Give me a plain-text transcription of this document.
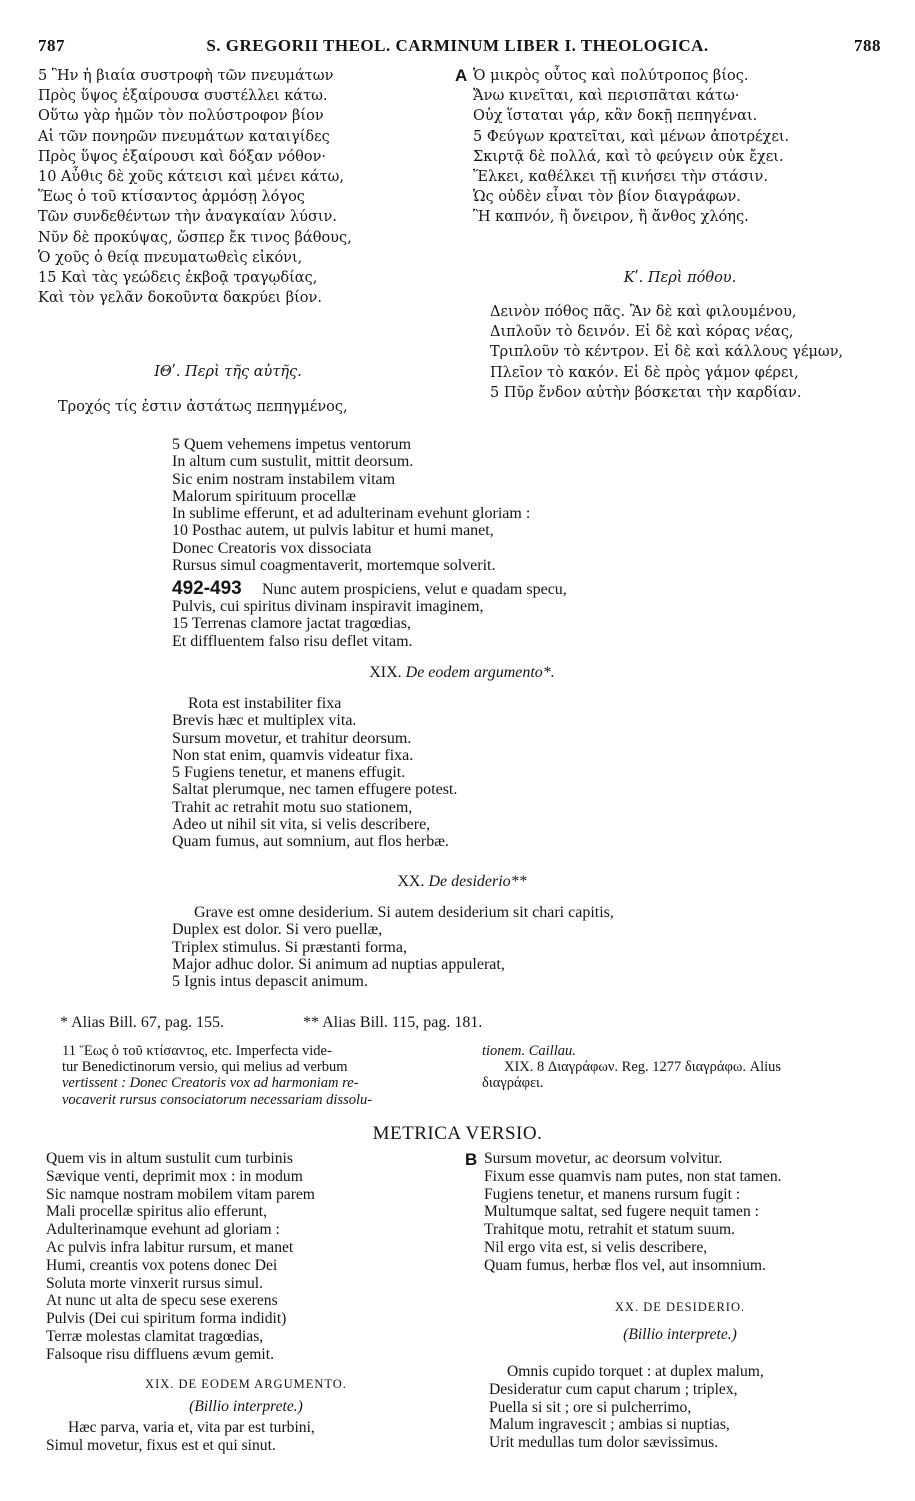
787	S. GREGORII THEOL. CARMINUM LIBER I. THEOLOGICA.	788
5 Ἣν ἡ βιαία συστροφὴ τῶν πνευμάτων
Πρὸς ὕψος ἐξαίρουσα συστέλλει κάτω.
Οὕτω γὰρ ἡμῶν τὸν πολύστροφον βίον
Αἱ τῶν πονηρῶν πνευμάτων καταιγίδες
Πρὸς ὕψος ἐξαίρουσι καὶ δόξαν νόθον·
10 Αὖθις δὲ χοῦς κάτεισι καὶ μένει κάτω,
Ἕως ὁ τοῦ κτίσαντος ἁρμόσῃ λόγος
Τῶν συνδεθέντων τὴν ἀναγκαίαν λύσιν.
Νῦν δὲ προκύψας, ὥσπερ ἔκ τινος βάθους,
Ὁ χοῦς ὁ θείᾳ πνευματωθεὶς εἰκόνι,
15 Καὶ τὰς γεώδεις ἐκβοᾷ τραγῳδίας,
Καὶ τὸν γελᾶν δοκοῦντα δακρύει βίον.
ΙΘʹ. Περὶ τῆς αὐτῆς.
Τροχός τίς ἐστιν ἀστάτως πεπηγμένος,
A Ὁ μικρὸς οὗτος καὶ πολύτροπος βίος.
Ἄνω κινεῖται, καὶ περισπᾶται κάτω·
Οὐχ ἵσταται γάρ, κἂν δοκῇ πεπηγέναι.
5 Φεύγων κρατεῖται, καὶ μένων ἀποτρέχει.
Σκιρτᾷ δὲ πολλά, καὶ τὸ φεύγειν οὐκ ἔχει.
Ἕλκει, καθέλκει τῇ κινήσει τὴν στάσιν.
Ὡς οὐδὲν εἶναι τὸν βίον διαγράφων.
Ἢ καπνόν, ἢ ὄνειρον, ἢ ἄνθος χλόης.
Κʹ. Περὶ πόθου.
Δεινὸν πόθος πᾶς. Ἂν δὲ καὶ φιλουμένου,
Διπλοῦν τὸ δεινόν. Εἰ δὲ καὶ κόρας νέας,
Τριπλοῦν τὸ κέντρον. Εἰ δὲ καὶ κάλλους γέμων,
Πλεῖον τὸ κακόν. Εἰ δὲ πρὸς γάμον φέρει,
5 Πῦρ ἔνδον αὐτὴν βόσκεται τὴν καρδίαν.
5 Quem vehemens impetus ventorum
In altum cum sustulit, mittit deorsum.
Sic enim nostram instabilem vitam
Malorum spirituum procellæ
In sublime efferunt, et ad adulterinam evehunt gloriam :
10 Posthac autem, ut pulvis labitur et humi manet,
Donec Creatoris vox dissociata
Rursus simul coagmentaverit, mortemque solverit.
492-493 Nunc autem prospiciens, velut e quadam specu,
Pulvis, cui spiritus divinam inspiravit imaginem,
15 Terrenas clamore jactat tragœdias,
Et diffluentem falso risu deflet vitam.
XIX. De eodem argumento*.
Rota est instabiliter fixa
Brevis hæc et multiplex vita.
Sursum movetur, et trahitur deorsum.
Non stat enim, quamvis videatur fixa.
5 Fugiens tenetur, et manens effugit.
Saltat plerumque, nec tamen effugere potest.
Trahit ac retrahit motu suo stationem,
Adeo ut nihil sit vita, si velis describere,
Quam fumus, aut somnium, aut flos herbæ.
XX. De desiderio**
Grave est omne desiderium. Si autem desiderium sit chari capitis,
Duplex est dolor. Si vero puellæ,
Triplex stimulus. Si præstanti forma,
Major adhuc dolor. Si animum ad nuptias appulerat,
5 Ignis intus depascit animum.
* Alias Bill. 67, pag. 155.	** Alias Bill. 115, pag. 181.
11 Ἕως ὁ τοῦ κτίσαντος, etc. Imperfecta vide-
tur Benedictinorum versio, qui melius ad verbum
vertissent : Donec Creatoris vox ad harmoniam re-
vocaverit rursus consociatorum necessariam dissolu-
tionem. Caillau.
XIX. 8 Διαγράφων. Reg. 1277 διαγράφω. Alius
διαγράφει.
METRICA VERSIO.
Quem vis in altum sustulit cum turbinis
Sævique venti, deprimit mox : in modum
Sic namque nostram mobilem vitam parem
Mali procellæ spiritus alio efferunt,
Adulterinamque evehunt ad gloriam :
Ac pulvis infra labitur rursum, et manet
Humi, creantis vox potens donec Dei
Soluta morte vinxerit rursus simul.
At nunc ut alta de specu sese exerens
Pulvis (Dei cui spiritum forma indidit)
Terræ molestas clamitat tragœdias,
Falsoque risu diffluens ævum gemit.
XIX. DE EODEM ARGUMENTO.
(Billio interprete.)
Hæc parva, varia et, vita par est turbini,
Simul movetur, fixus est et qui sinut.
B Sursum movetur, ac deorsum volvitur.
Fixum esse quamvis nam putes, non stat tamen.
Fugiens tenetur, et manens rursum fugit :
Multumque saltat, sed fugere nequit tamen :
Trahitque motu, retrahit et statum suum.
Nil ergo vita est, si velis describere,
Quam fumus, herbæ flos vel, aut insomnium.
XX. DE DESIDERIO.
(Billio interprete.)
Omnis cupido torquet : at duplex malum,
Desideratur cum caput charum ; triplex,
Puella si sit ; ore si pulcherrimo,
Malum ingravescit ; ambias si nuptias,
Urit medullas tum dolor sævissimus.
